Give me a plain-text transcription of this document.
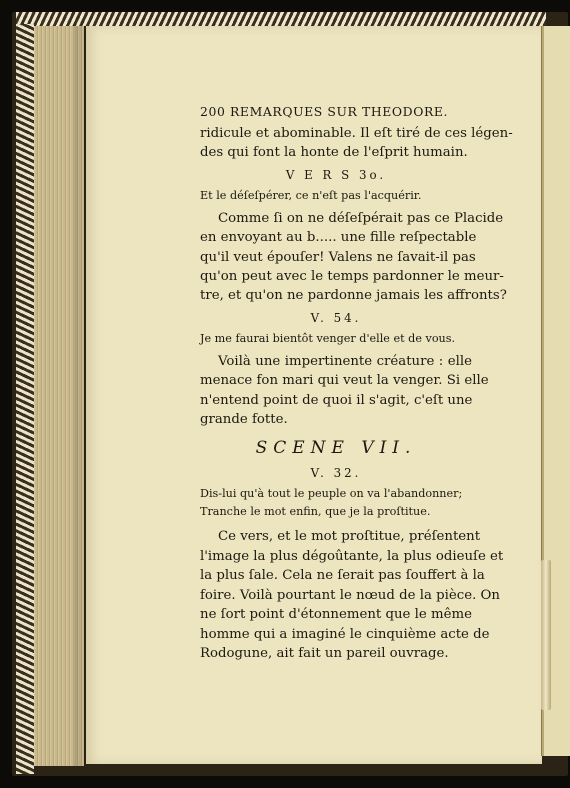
200 REMARQUES SUR THEODORE.
ridicule et abominable. Il eſt tiré de ces légen-
des qui font la honte de l'eſprit humain.
V E R S 3o.
Et le déſeſpérer, ce n'eſt pas l'acquérir.
Comme ſi on ne déſeſpérait pas ce Placide
en envoyant au b..... une fille reſpectable
qu'il veut épouſer! Valens ne ſavait-il pas
qu'on peut avec le temps pardonner le meur-
tre, et qu'on ne pardonne jamais les affronts?
V. 54.
Je me faurai bientôt venger d'elle et de vous.
Voilà une impertinente créature : elle
menace fon mari qui veut la venger. Si elle
n'entend point de quoi il s'agit, c'eſt une
grande fotte.
SCENE VII.
V. 32.
Dis-lui qu'à tout le peuple on va l'abandonner;
Tranche le mot enfin, que je la proſtitue.
Ce vers, et le mot proſtitue, préſentent
l'image la plus dégoûtante, la plus odieuſe et
la plus ſale. Cela ne ſerait pas ſouffert à la
foire. Voilà pourtant le nœud de la pièce. On
ne ſort point d'étonnement que le même
homme qui a imaginé le cinquième acte de
Rodogune, ait fait un pareil ouvrage.
